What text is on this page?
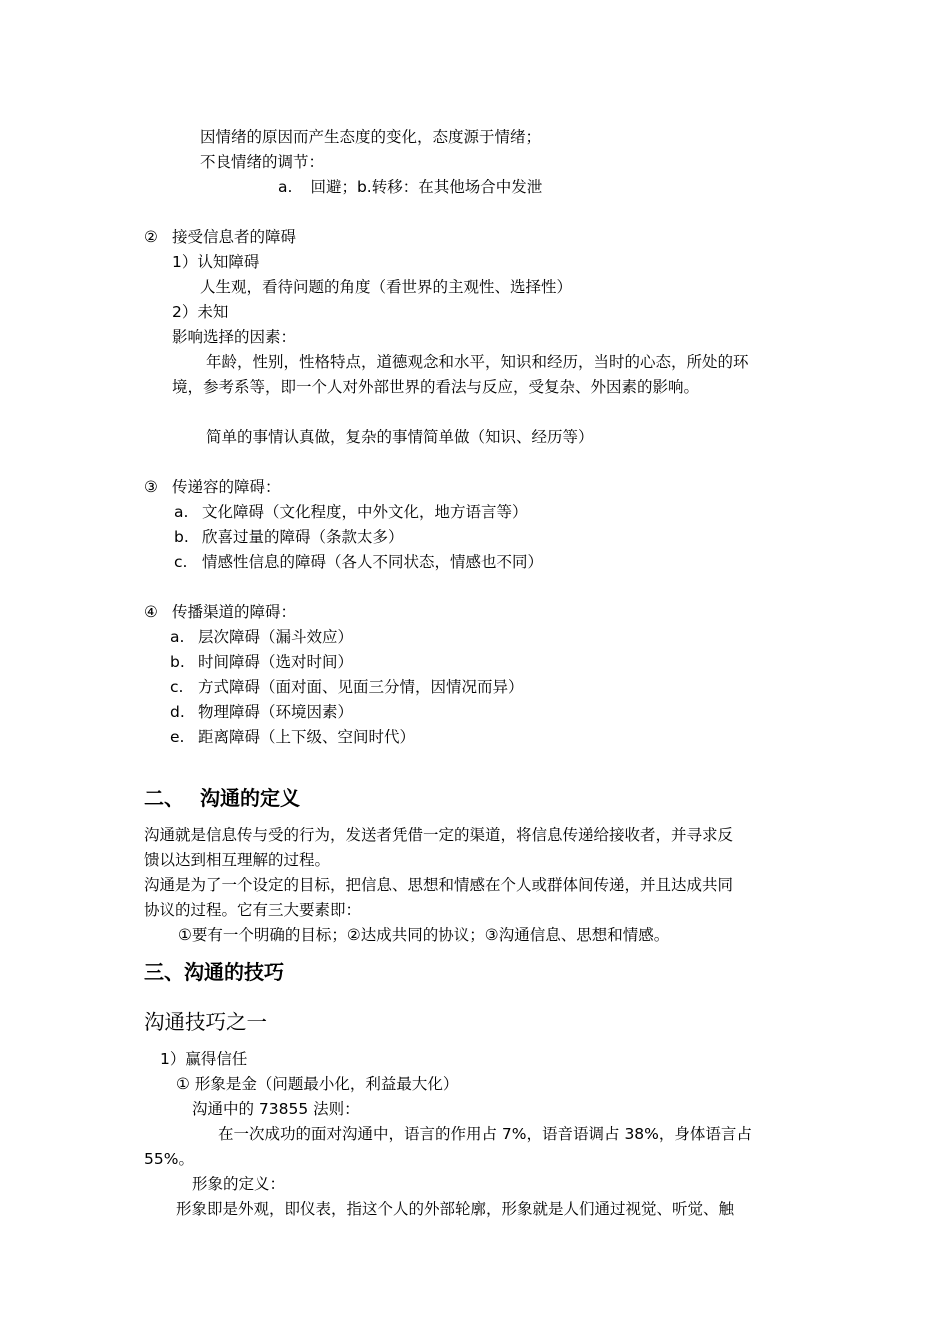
因情绪的原因而产生态度的变化，态度源于情绪；
不良情绪的调节：
a. 回避；b.转移：在其他场合中发泄
② 接受信息者的障碍
1）认知障碍
人生观，看待问题的角度（看世界的主观性、选择性）
2）未知
影响选择的因素：
年龄，性别，性格特点，道德观念和水平，知识和经历，当时的心态，所处的环
境，参考系等，即一个人对外部世界的看法与反应，受复杂、外因素的影响。
简单的事情认真做，复杂的事情简单做（知识、经历等）
③ 传递容的障碍：
a. 文化障碍（文化程度，中外文化，地方语言等）
b. 欣喜过量的障碍（条款太多）
c. 情感性信息的障碍（各人不同状态，情感也不同）
④ 传播渠道的障碍：
a. 层次障碍（漏斗效应）
b. 时间障碍（选对时间）
c. 方式障碍（面对面、见面三分情，因情况而异）
d. 物理障碍（环境因素）
e. 距离障碍（上下级、空间时代）
二、 沟通的定义
沟通就是信息传与受的行为，发送者凭借一定的渠道，将信息传递给接收者，并寻求反
馈以达到相互理解的过程。
沟通是为了一个设定的目标，把信息、思想和情感在个人或群体间传递，并且达成共同
协议的过程。它有三大要素即：
①要有一个明确的目标；②达成共同的协议；③沟通信息、思想和情感。
三、沟通的技巧
沟通技巧之一
1）赢得信任
① 形象是金（问题最小化，利益最大化）
沟通中的 73855 法则：
在一次成功的面对沟通中，语言的作用占 7%，语音语调占 38%，身体语言占
55%。
形象的定义：
形象即是外观，即仪表，指这个人的外部轮廓，形象就是人们通过视觉、听觉、触
